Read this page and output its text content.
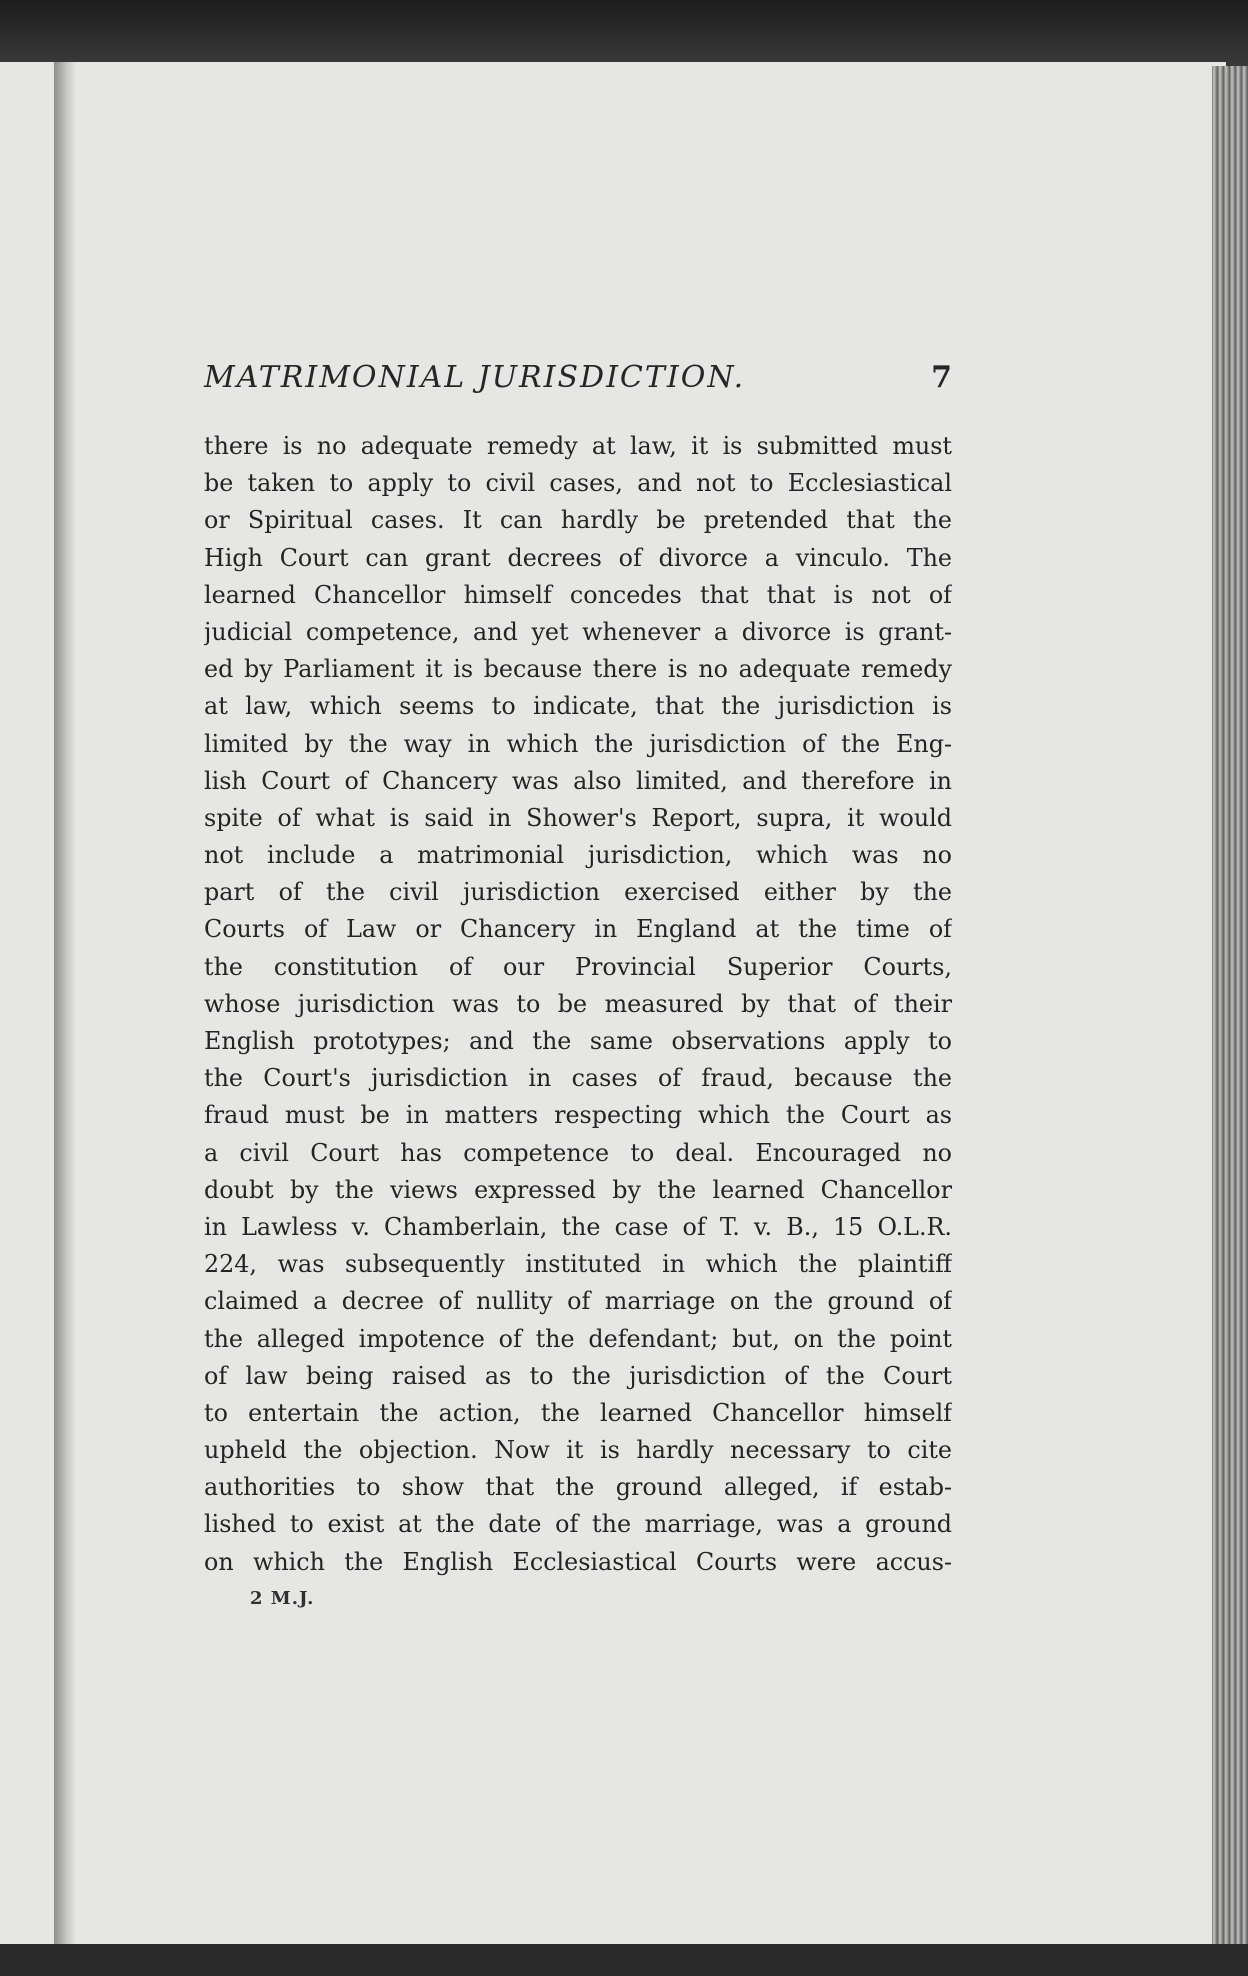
MATRIMONIAL JURISDICTION.	7
there is no adequate remedy at law, it is submitted must
be taken to apply to civil cases, and not to Ecclesiastical
or Spiritual cases. It can hardly be pretended that the
High Court can grant decrees of divorce a vinculo. The
learned Chancellor himself concedes that that is not of
judicial competence, and yet whenever a divorce is grant-
ed by Parliament it is because there is no adequate remedy
at law, which seems to indicate, that the jurisdiction is
limited by the way in which the jurisdiction of the Eng-
lish Court of Chancery was also limited, and therefore in
spite of what is said in Shower's Report, supra, it would
not include a matrimonial jurisdiction, which was no
part of the civil jurisdiction exercised either by the
Courts of Law or Chancery in England at the time of
the constitution of our Provincial Superior Courts,
whose jurisdiction was to be measured by that of their
English prototypes; and the same observations apply to
the Court's jurisdiction in cases of fraud, because the
fraud must be in matters respecting which the Court as
a civil Court has competence to deal. Encouraged no
doubt by the views expressed by the learned Chancellor
in Lawless v. Chamberlain, the case of T. v. B., 15 O.L.R.
224, was subsequently instituted in which the plaintiff
claimed a decree of nullity of marriage on the ground of
the alleged impotence of the defendant; but, on the point
of law being raised as to the jurisdiction of the Court
to entertain the action, the learned Chancellor himself
upheld the objection. Now it is hardly necessary to cite
authorities to show that the ground alleged, if estab-
lished to exist at the date of the marriage, was a ground
on which the English Ecclesiastical Courts were accus-
2 M.J.
